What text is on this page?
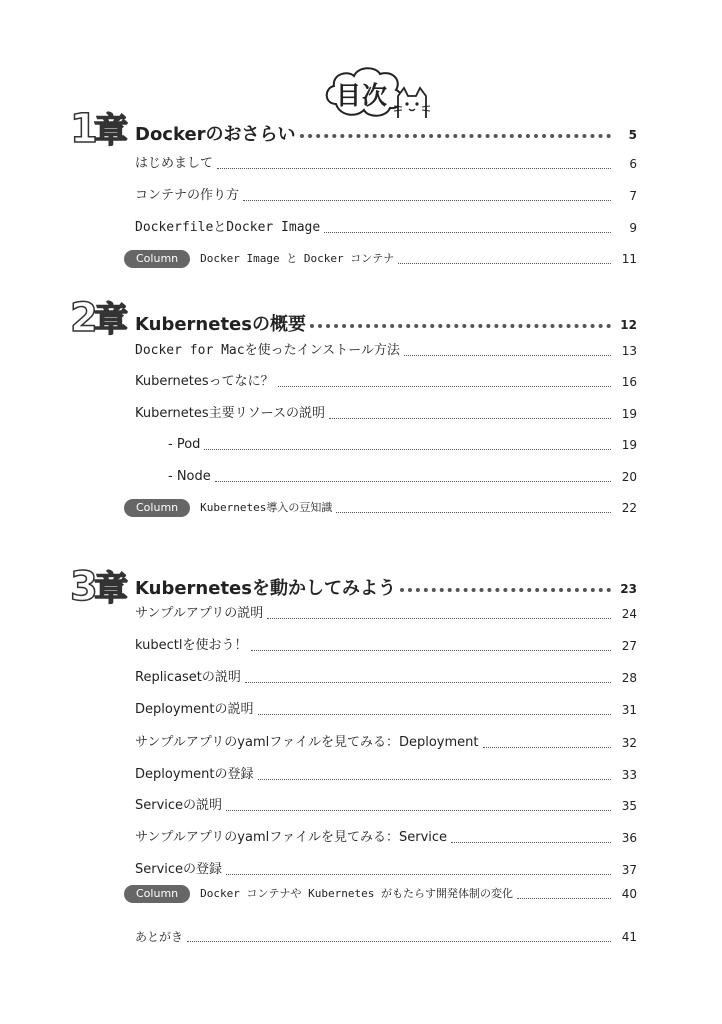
目次
1
章 Dockerのおさらい	5
はじめまして	6
コンテナの作り方	7
DockerfileとDocker Image	9
Column	Docker Image と Docker コンテナ	11
2
章 Kubernetesの概要	12
Docker for Macを使ったインストール方法	13
Kubernetesってなに？	16
Kubernetes主要リソースの説明	19
- Pod	19
- Node	20
Column	Kubernetes導入の豆知識	22
3
章 Kubernetesを動かしてみよう	23
サンプルアプリの説明	24
kubectlを使おう！	27
Replicasetの説明	28
Deploymentの説明	31
サンプルアプリのyamlファイルを見てみる：Deployment	32
Deploymentの登録	33
Serviceの説明	35
サンプルアプリのyamlファイルを見てみる：Service	36
Serviceの登録	37
Column	Docker コンテナや Kubernetes がもたらす開発体制の変化	40
あとがき	41
